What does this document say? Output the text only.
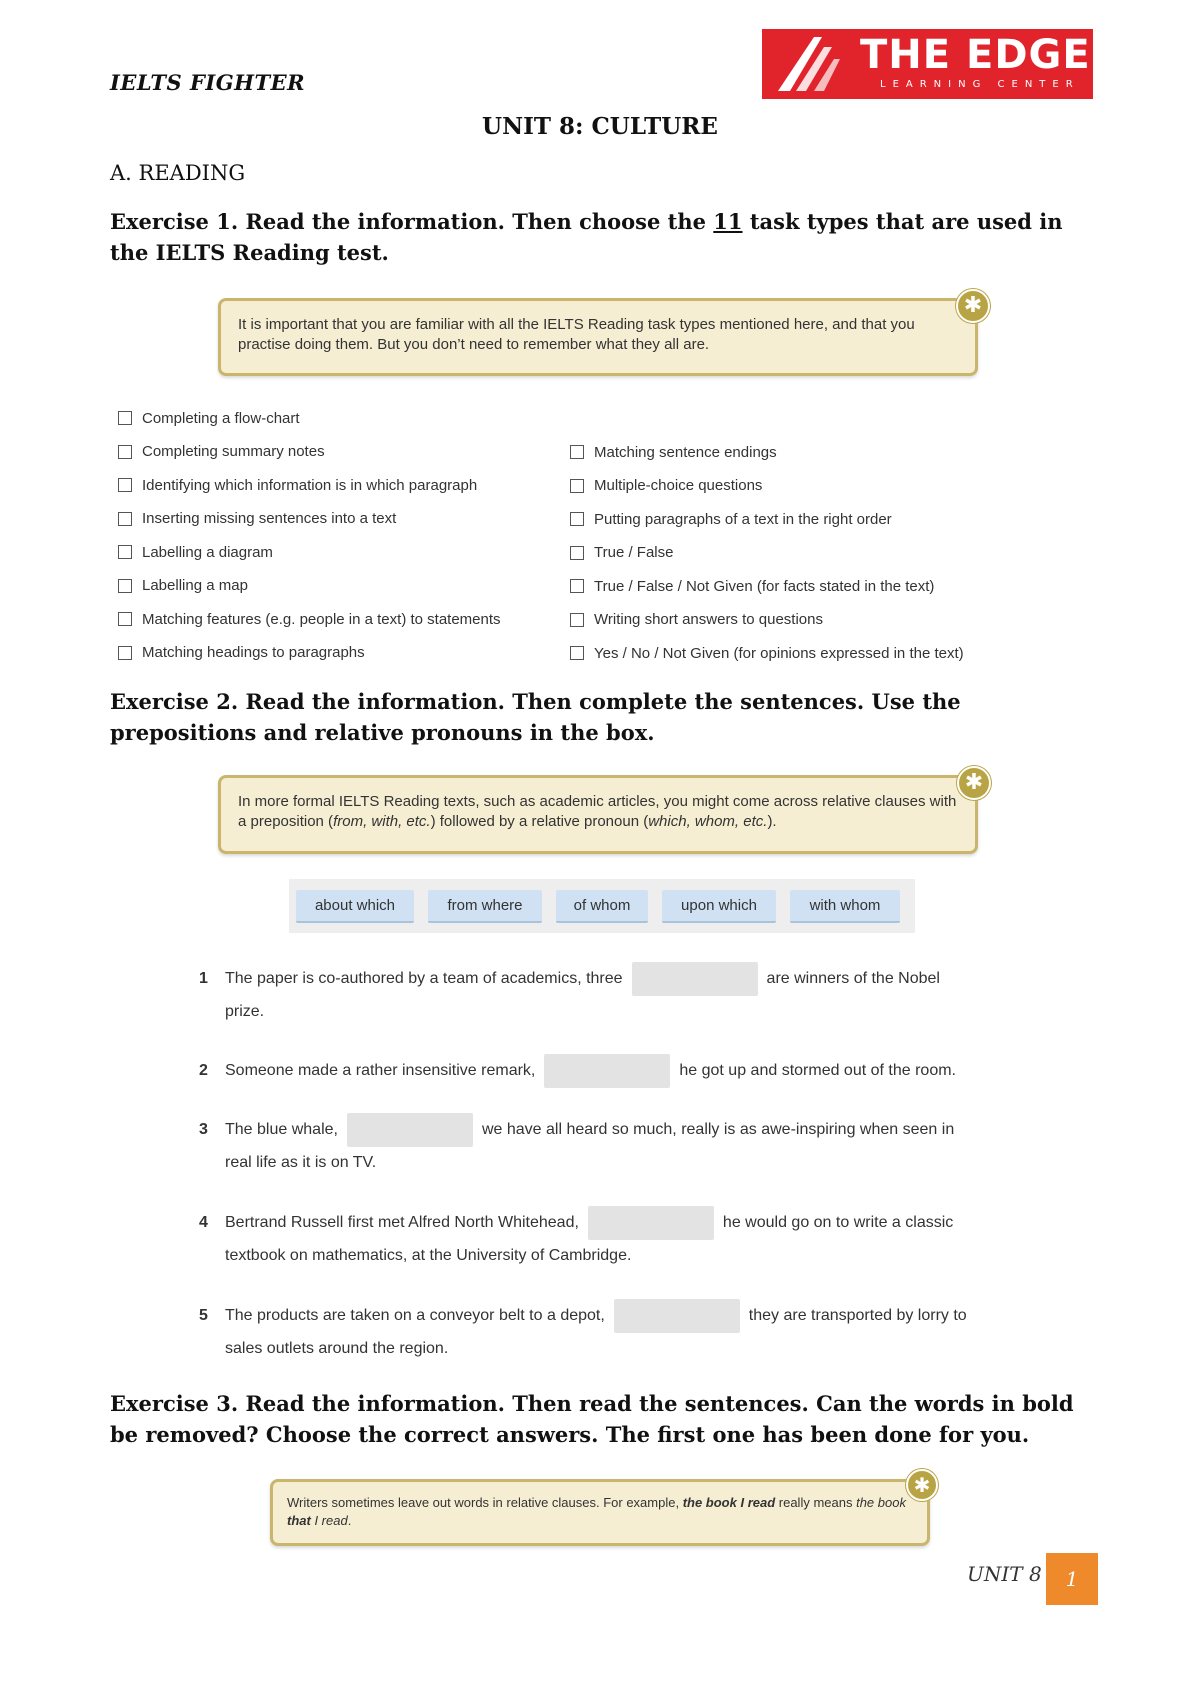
IELTS FIGHTER
THE EDGE
LEARNING CENTER
UNIT 8: CULTURE
A. READING
Exercise 1. Read the information. Then choose the 11 task types that are used in the IELTS Reading test.
It is important that you are familiar with all the IELTS Reading task types mentioned here, and that you practise doing them. But you don’t need to remember what they all are.
✱
Completing a flow-chart
Completing summary notes
Identifying which information is in which paragraph
Inserting missing sentences into a text
Labelling a diagram
Labelling a map
Matching features (e.g. people in a text) to statements
Matching headings to paragraphs
Matching sentence endings
Multiple-choice questions
Putting paragraphs of a text in the right order
True / False
True / False / Not Given (for facts stated in the text)
Writing short answers to questions
Yes / No / Not Given (for opinions expressed in the text)
Exercise 2. Read the information. Then complete the sentences. Use the prepositions and relative pronouns in the box.
In more formal IELTS Reading texts, such as academic articles, you might come across relative clauses with a preposition (from, with, etc.) followed by a relative pronoun (which, whom, etc.).
✱
about which	from where	of whom	upon which	with whom
1	The paper is co-authored by a team of academics, three	are winners of the Nobel
prize.
2	Someone made a rather insensitive remark,	he got up and stormed out of the room.
3	The blue whale,	we have all heard so much, really is as awe-inspiring when seen in
real life as it is on TV.
4	Bertrand Russell first met Alfred North Whitehead,	he would go on to write a classic
textbook on mathematics, at the University of Cambridge.
5	The products are taken on a conveyor belt to a depot,	they are transported by lorry to
sales outlets around the region.
Exercise 3. Read the information. Then read the sentences. Can the words in bold be removed? Choose the correct answers. The first one has been done for you.
Writers sometimes leave out words in relative clauses. For example, the book I read really means the book that I read.
✱
UNIT 8	1
